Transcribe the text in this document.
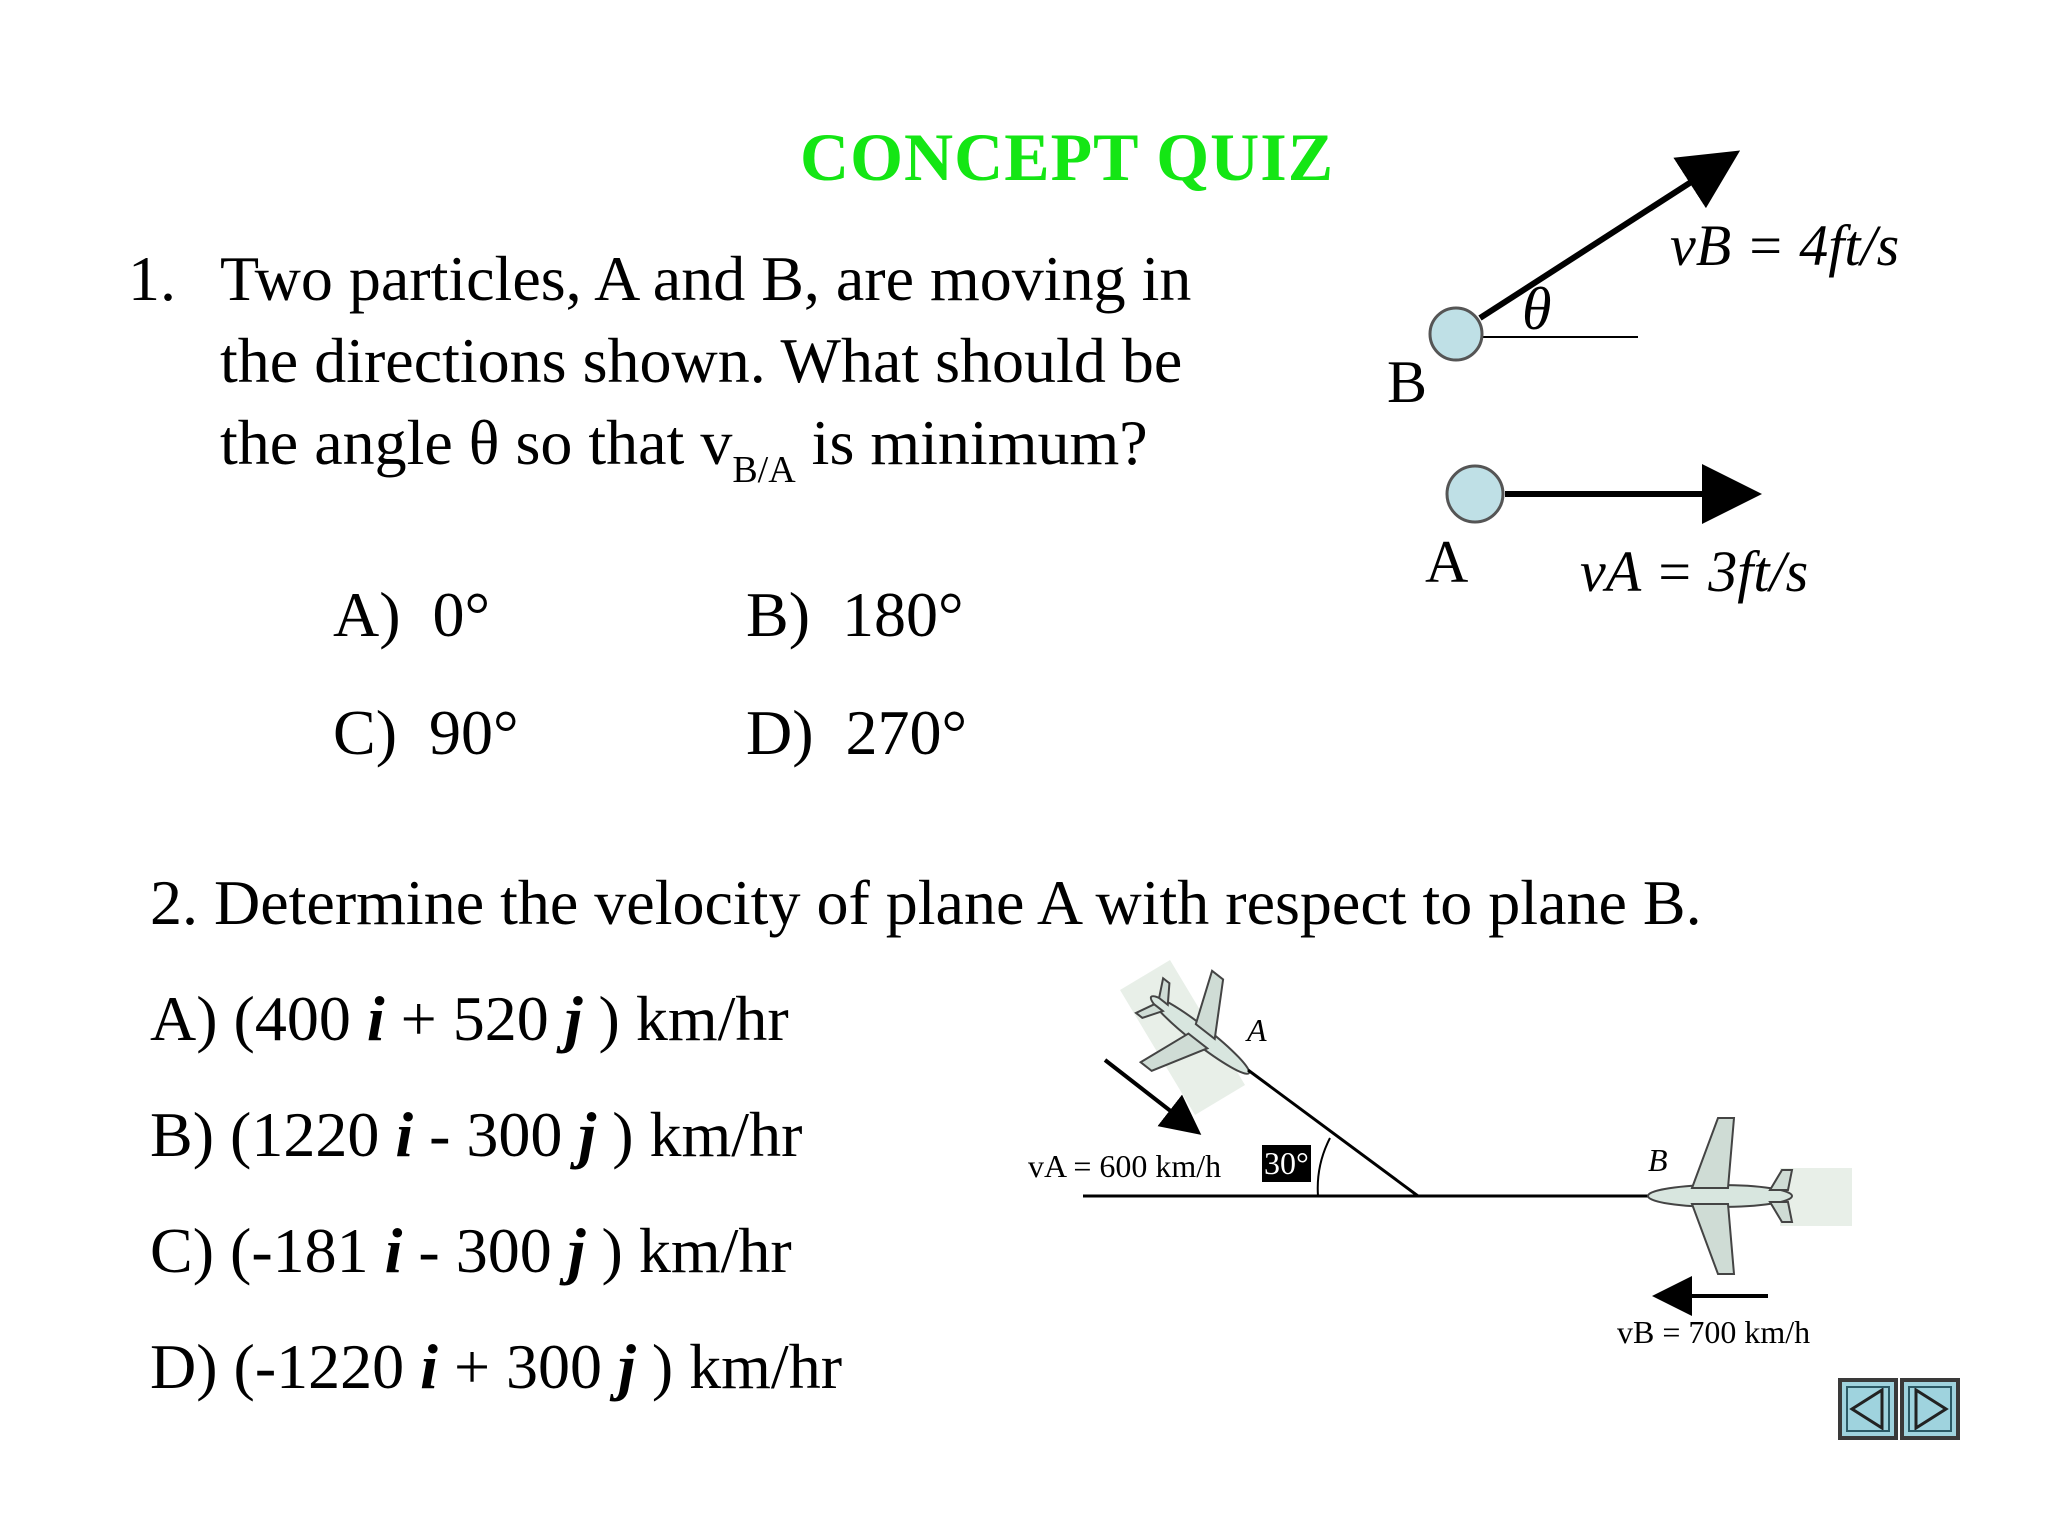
CONCEPT QUIZ
1. Two particles, A and B, are moving in
the directions shown. What should be
the angle θ so that $v_{B/A}$ is minimum?
A) 0°	B) 180°
C) 90°	D) 270°
B
A
θ
vB = 4ft/s
vA = 3ft/s
2. Determine the velocity of plane A with respect to plane B.
A) (400 i + 520 j ) km/hr
B) (1220 i - 300 j ) km/hr
C) (-181 i - 300 j ) km/hr
D) (-1220 i + 300 j ) km/hr
A
B
vA = 600 km/h 30°
vB = 700 km/h
